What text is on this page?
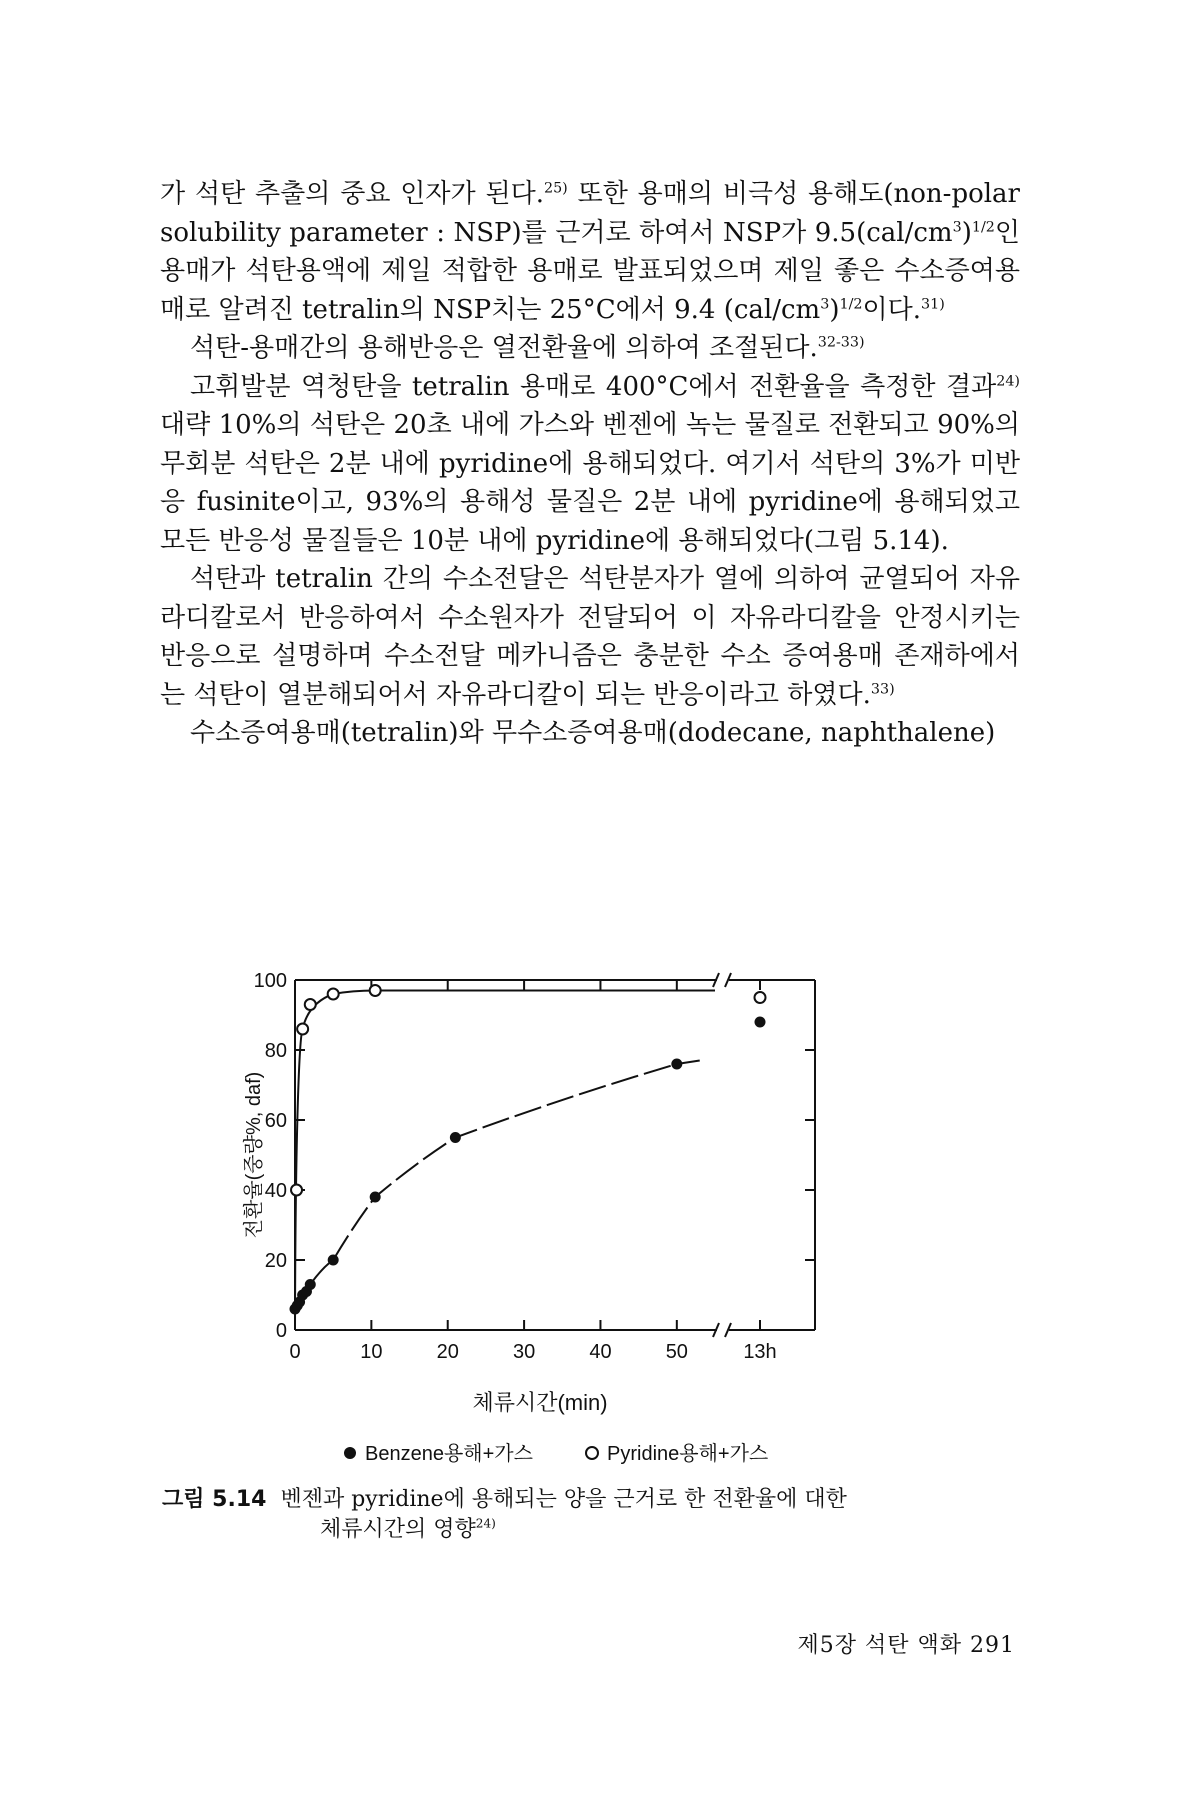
가 석탄 추출의 중요 인자가 된다.$^{25)}$ 또한 용매의 비극성 용해도(non-polar solubility parameter : NSP)를 근거로 하여서 NSP가 $9.5(cal/cm^3)^{1/2}$인 용매가 석탄용액에 제일 적합한 용매로 발표되었으며 제일 좋은 수소증여용매로 알려진 tetralin의 NSP치는 25°C에서 9.4 $(cal/cm^3)^{1/2}$이다.$^{31)}$

석탄-용매간의 용해반응은 열전환율에 의하여 조절된다.$^{32-33)}$

고휘발분 역청탄을 tetralin 용매로 400°C에서 전환율을 측정한 결과$^{24)}$ 대략 10%의 석탄은 20초 내에 가스와 벤젠에 녹는 물질로 전환되고 90%의 무회분 석탄은 2분 내에 pyridine에 용해되었다. 여기서 석탄의 3%가 미반응 fusinite이고, 93%의 용해성 물질은 2분 내에 pyridine에 용해되었고 모든 반응성 물질들은 10분 내에 pyridine에 용해되었다(그림 5.14).

석탄과 tetralin 간의 수소전달은 석탄분자가 열에 의하여 균열되어 자유라디칼로서 반응하여서 수소원자가 전달되어 이 자유라디칼을 안정시키는 반응으로 설명하며 수소전달 메카니즘은 충분한 수소 증여용매 존재하에서는 석탄이 열분해되어서 자유라디칼이 되는 반응이라고 하였다.$^{33)}$

수소증여용매(tetralin)와 무수소증여용매(dodecane, naphthalene)

0	10	20	30	40	50	13h
0
20
40
60
80
100
체류시간(min)
전환율(중량%, daf)
Benzene용해+가스	Pyridine용해+가스
그림 5.14 벤젠과 pyridine에 용해되는 양을 근거로 한 전환율에 대한
체류시간의 영향$^{24)}$
제5장 석탄 액화 291
